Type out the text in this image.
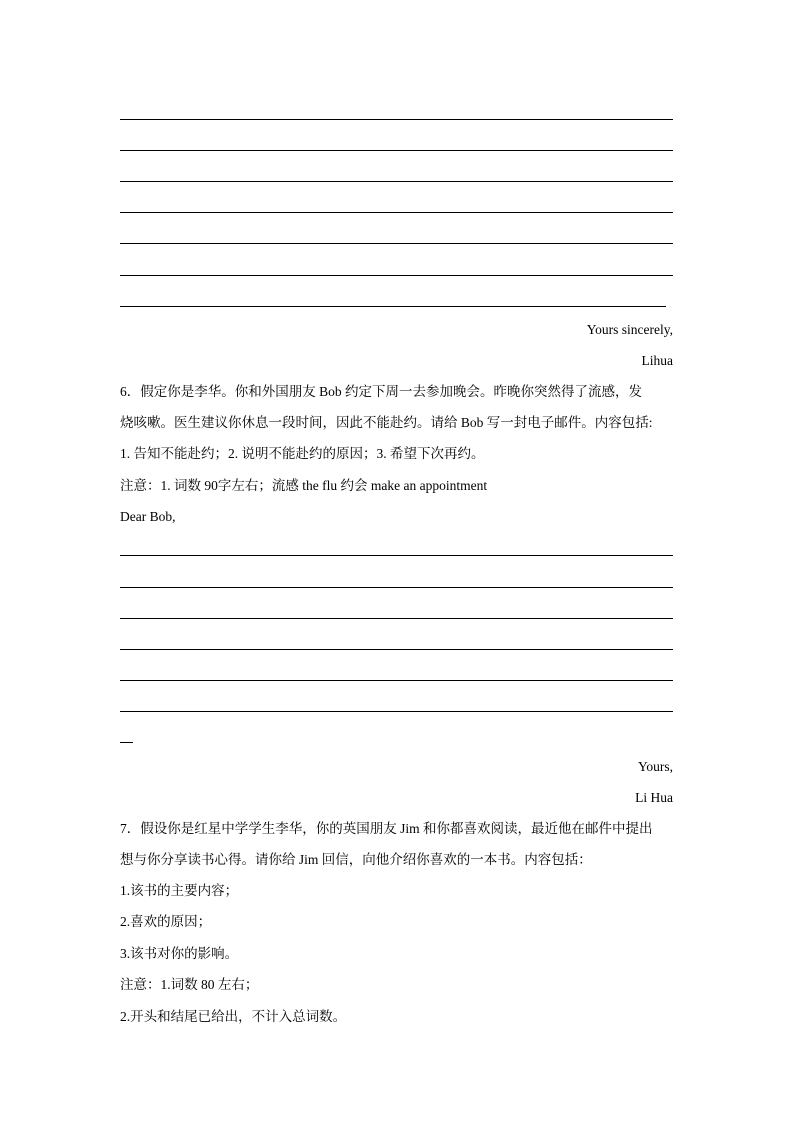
Yours sincerely,
Lihua
6．假定你是李华。你和外国朋友 Bob 约定下周一去参加晚会。昨晚你突然得了流感，发
烧咳嗽。医生建议你休息一段时间，因此不能赴约。请给 Bob 写一封电子邮件。内容包括:
1. 告知不能赴约；2. 说明不能赴约的原因；3. 希望下次再约。
注意：1. 词数 90字左右；流感 the flu 约会 make an appointment
Dear Bob,
Yours,
Li Hua
7．假设你是红星中学学生李华，你的英国朋友 Jim 和你都喜欢阅读，最近他在邮件中提出
想与你分享读书心得。请你给 Jim 回信，向他介绍你喜欢的一本书。内容包括：
1.该书的主要内容；
2.喜欢的原因；
3.该书对你的影响。
注意：1.词数 80 左右；
2.开头和结尾已给出，不计入总词数。
